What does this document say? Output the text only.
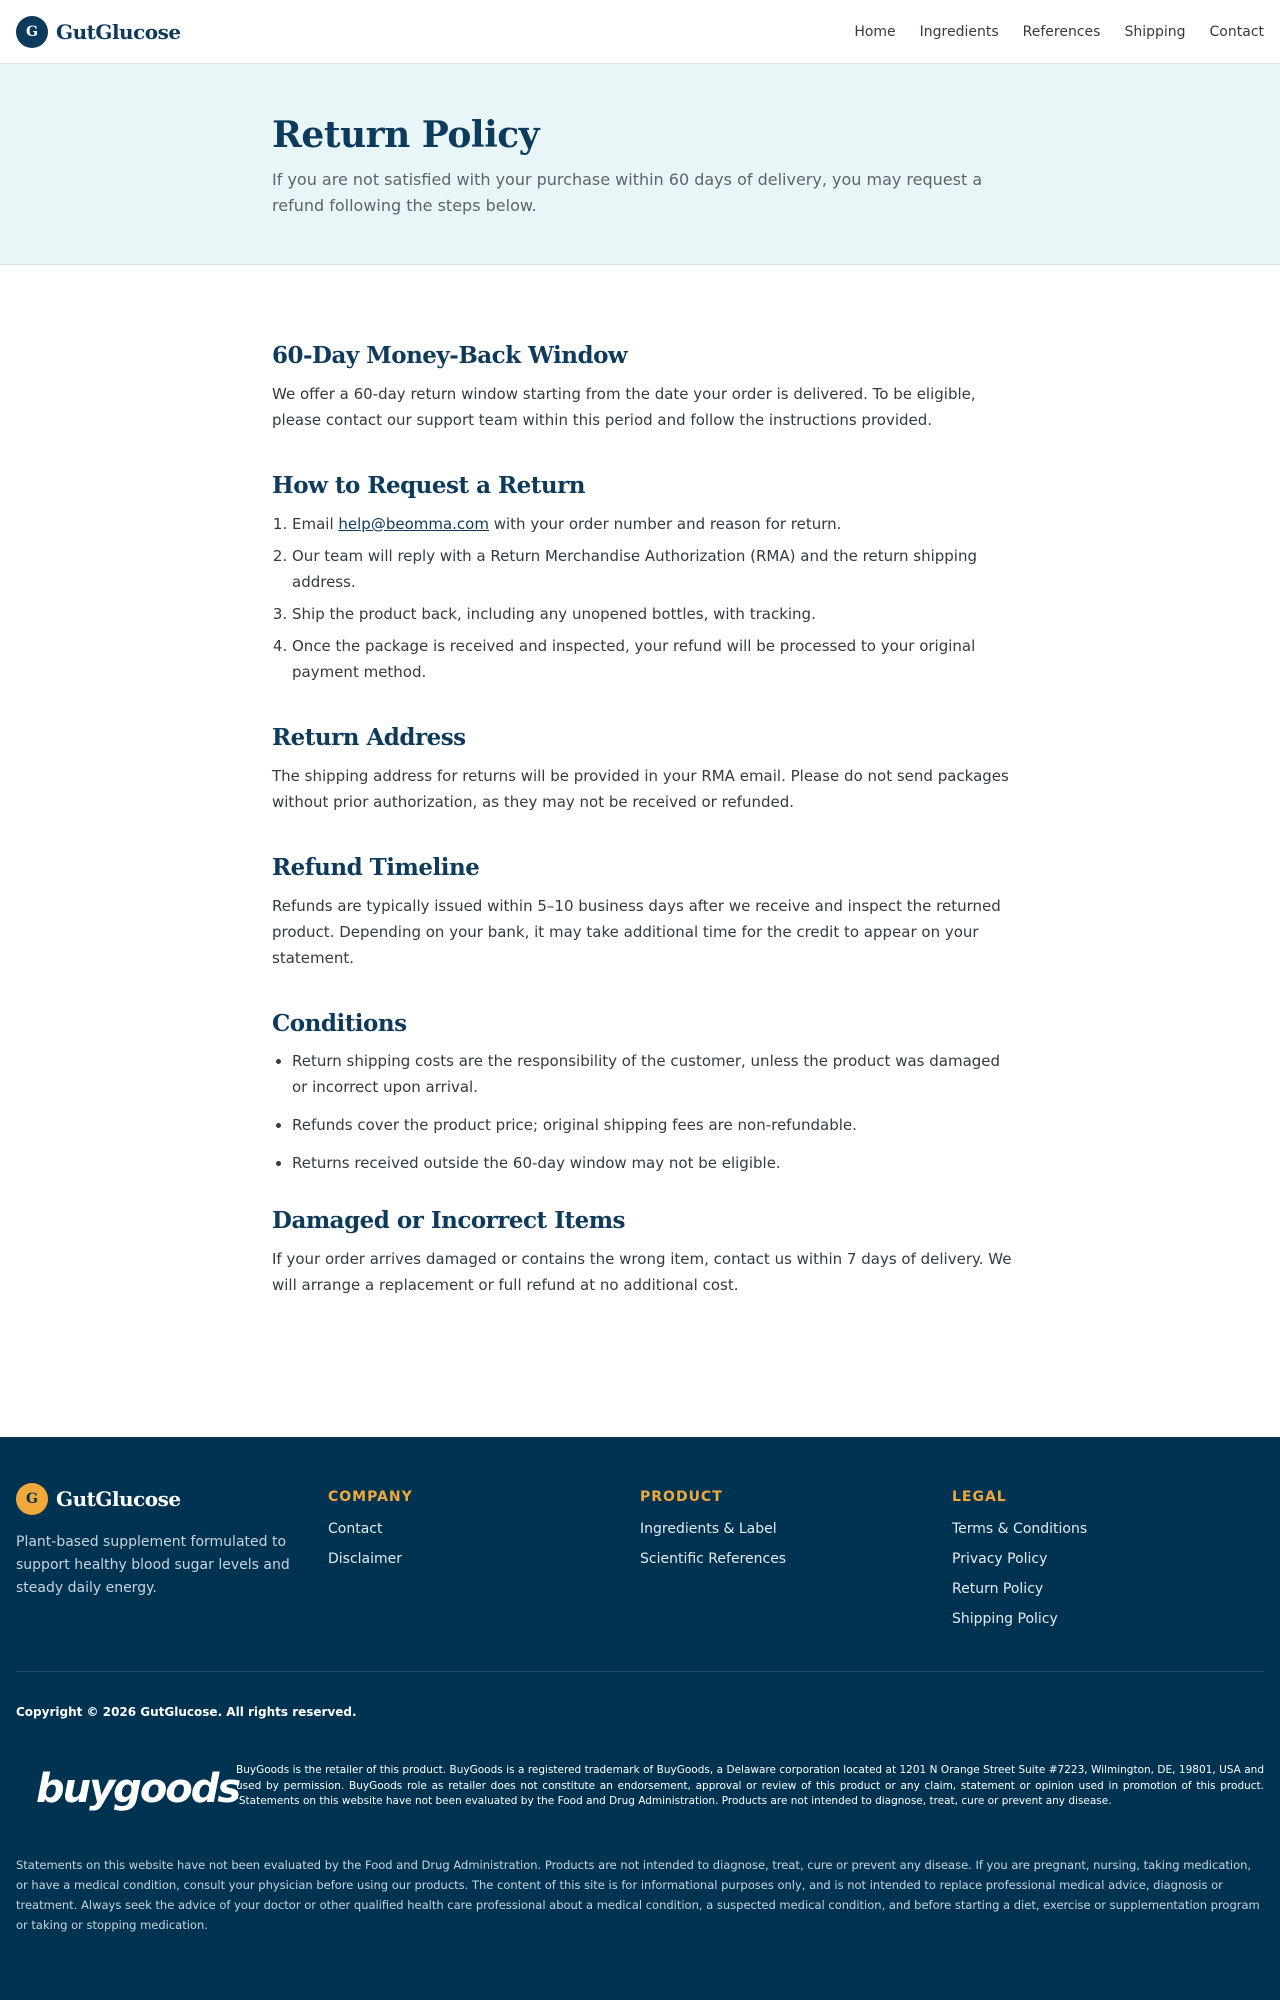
G GutGlucose	Home Ingredients References Shipping Contact
Return Policy

If you are not satisfied with your purchase within 60 days of delivery, you may request a refund following the steps below.

60-Day Money-Back Window

We offer a 60-day return window starting from the date your order is delivered. To be eligible, please contact our support team within this period and follow the instructions provided.

How to Request a Return
1. Email help@beomma.com with your order number and reason for return.
2. Our team will reply with a Return Merchandise Authorization (RMA) and the return shipping address.
3. Ship the product back, including any unopened bottles, with tracking.
4. Once the package is received and inspected, your refund will be processed to your original payment method.
Return Address

The shipping address for returns will be provided in your RMA email. Please do not send packages without prior authorization, as they may not be received or refunded.

Refund Timeline

Refunds are typically issued within 5–10 business days after we receive and inspect the returned product. Depending on your bank, it may take additional time for the credit to appear on your statement.

Conditions
• Return shipping costs are the responsibility of the customer, unless the product was damaged or incorrect upon arrival.
• Refunds cover the product price; original shipping fees are non-refundable.
• Returns received outside the 60-day window may not be eligible.
Damaged or Incorrect Items

If your order arrives damaged or contains the wrong item, contact us within 7 days of delivery. We will arrange a replacement or full refund at no additional cost.

G GutGlucose

Plant-based supplement formulated to support healthy blood sugar levels and steady daily energy.

COMPANY
Contact
Disclaimer
PRODUCT
Ingredients & Label
Scientific References
LEGAL
Terms & Conditions
Privacy Policy
Return Policy
Shipping Policy
Copyright © 2026 GutGlucose. All rights reserved.
buygoods

BuyGoods is the retailer of this product. BuyGoods is a registered trademark of BuyGoods, a Delaware corporation located at 1201 N Orange Street Suite #7223, Wilmington, DE, 19801, USA and used by permission. BuyGoods role as retailer does not constitute an endorsement, approval or review of this product or any claim, statement or opinion used in promotion of this product. 'Statements on this website have not been evaluated by the Food and Drug Administration. Products are not intended to diagnose, treat, cure or prevent any disease.

Statements on this website have not been evaluated by the Food and Drug Administration. Products are not intended to diagnose, treat, cure or prevent any disease. If you are pregnant, nursing, taking medication, or have a medical condition, consult your physician before using our products. The content of this site is for informational purposes only, and is not intended to replace professional medical advice, diagnosis or treatment. Always seek the advice of your doctor or other qualified health care professional about a medical condition, a suspected medical condition, and before starting a diet, exercise or supplementation program or taking or stopping medication.
